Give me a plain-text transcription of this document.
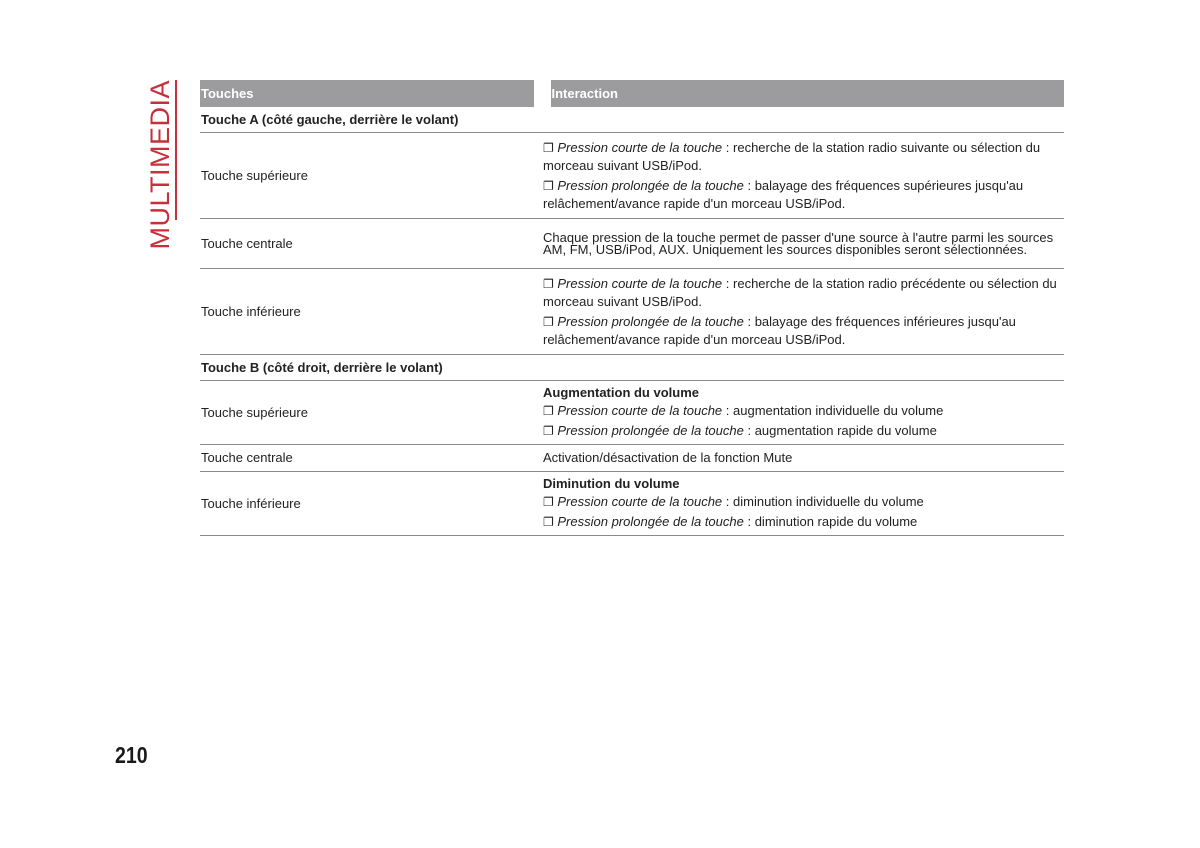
MULTIMEDIA Touches	Interaction
Touche A (côté gauche, derrière le volant)	
Touche supérieure	❐ Pression courte de la touche : recherche de la station radio suivante ou sélection du morceau suivant USB/iPod.
❐ Pression prolongée de la touche : balayage des fréquences supérieures jusqu'au relâchement/avance rapide d'un morceau USB/iPod.

Touche centrale	Chaque pression de la touche permet de passer d'une source à l'autre parmi les sources AM, FM, USB/iPod, AUX. Uniquement les sources disponibles seront sélectionnées.
Touche inférieure	❐ Pression courte de la touche : recherche de la station radio précédente ou sélection du morceau suivant USB/iPod.
❐ Pression prolongée de la touche : balayage des fréquences inférieures jusqu'au relâchement/avance rapide d'un morceau USB/iPod.

Touche B (côté droit, derrière le volant)	
Touche supérieure	Augmentation du volume
❐ Pression courte de la touche : augmentation individuelle du volume
❐ Pression prolongée de la touche : augmentation rapide du volume

Touche centrale	Activation/désactivation de la fonction Mute
Touche inférieure	Diminution du volume
❐ Pression courte de la touche : diminution individuelle du volume
❐ Pression prolongée de la touche : diminution rapide du volume
210
